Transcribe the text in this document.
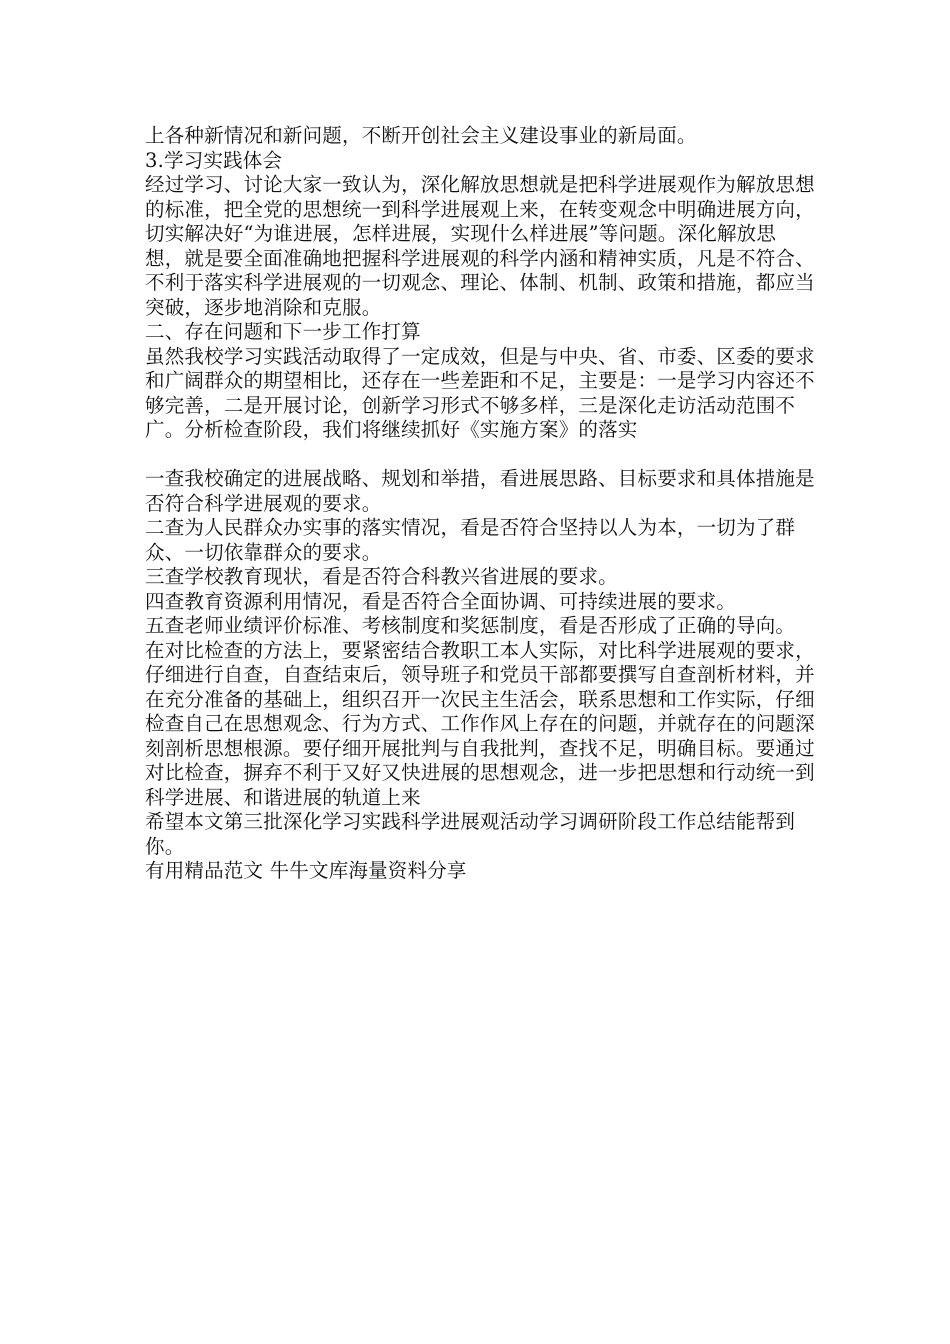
上各种新情况和新问题，不断开创社会主义建设事业的新局面。

3.学习实践体会

经过学习、讨论大家一致认为，深化解放思想就是把科学进展观作为解放思想的标准，把全党的思想统一到科学进展观上来，在转变观念中明确进展方向，切实解决好“为谁进展，怎样进展，实现什么样进展”等问题。深化解放思想，就是要全面准确地把握科学进展观的科学内涵和精神实质，凡是不符合、不利于落实科学进展观的一切观念、理论、体制、机制、政策和措施，都应当突破，逐步地消除和克服。

二、存在问题和下一步工作打算

虽然我校学习实践活动取得了一定成效，但是与中央、省、市委、区委的要求和广阔群众的期望相比，还存在一些差距和不足，主要是：一是学习内容还不够完善，二是开展讨论，创新学习形式不够多样，三是深化走访活动范围不广。分析检查阶段，我们将继续抓好《实施方案》的落实

一查我校确定的进展战略、规划和举措，看进展思路、目标要求和具体措施是否符合科学进展观的要求。

二查为人民群众办实事的落实情况，看是否符合坚持以人为本，一切为了群众、一切依靠群众的要求。

三查学校教育现状，看是否符合科教兴省进展的要求。

四查教育资源利用情况，看是否符合全面协调、可持续进展的要求。

五查老师业绩评价标准、考核制度和奖惩制度，看是否形成了正确的导向。

在对比检查的方法上，要紧密结合教职工本人实际，对比科学进展观的要求，仔细进行自查，自查结束后，领导班子和党员干部都要撰写自查剖析材料，并在充分准备的基础上，组织召开一次民主生活会，联系思想和工作实际，仔细检查自己在思想观念、行为方式、工作作风上存在的问题，并就存在的问题深刻剖析思想根源。要仔细开展批判与自我批判，查找不足，明确目标。要通过对比检查，摒弃不利于又好又快进展的思想观念，进一步把思想和行动统一到科学进展、和谐进展的轨道上来

希望本文第三批深化学习实践科学进展观活动学习调研阶段工作总结能帮到你。

有用精品范文 牛牛文库海量资料分享
